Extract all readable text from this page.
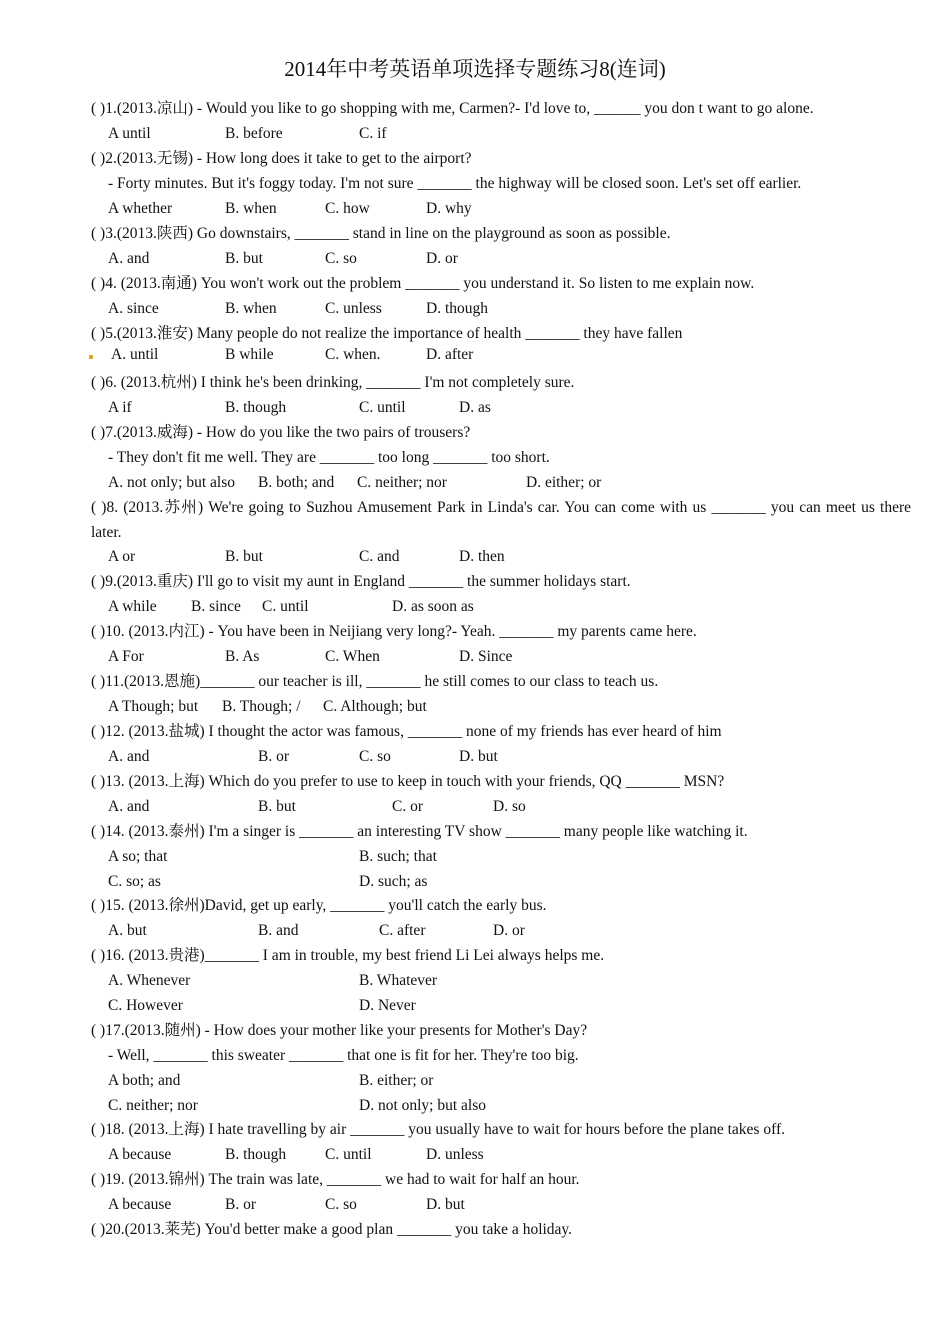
2014年中考英语单项选择专题练习8(连词)
( )1.(2013.凉山) - Would you like to go shopping with me, Carmen?- I'd love to, ______ you don t want to go alone.
A until	B. before	C. if
( )2.(2013.无锡) - How long does it take to get to the airport?
- Forty minutes. But it's foggy today. I'm not sure _______ the highway will be closed soon. Let's set off earlier.
A whether	B. when	C. how	D. why
( )3.(2013.陕西) Go downstairs, _______ stand in line on the playground as soon as possible.
A. and	B. but	C. so	D. or
( )4. (2013.南通) You won't work out the problem _______ you understand it. So listen to me explain now.
A. since	B. when	C. unless	D. though
( )5.(2013.淮安) Many people do not realize the importance of health _______ they have fallen
A. until	B while	C. when.	D. after
( )6. (2013.杭州) I think he's been drinking, _______ I'm not completely sure.
A if	B. though	C. until	D. as
( )7.(2013.威海) - How do you like the two pairs of trousers?
- They don't fit me well. They are _______ too long _______ too short.
A. not only; but also B. both; and C. neither; nor	D. either; or
( )8. (2013.苏州) We're going to Suzhou Amusement Park in Linda's car. You can come with us _______ you can meet us there later.
A or	B. but	C. and	D. then
( )9.(2013.重庆) I'll go to visit my aunt in England _______ the summer holidays start.
A while B. since C. until	D. as soon as
( )10. (2013.内江) - You have been in Neijiang very long?- Yeah. _______ my parents came here.
A For	B. As	C. When	D. Since
( )11.(2013.恩施)_______ our teacher is ill, _______ he still comes to our class to teach us.
A Though; but B. Though; / C. Although; but
( )12. (2013.盐城) I thought the actor was famous, _______ none of my friends has ever heard of him
A. and	B. or	C. so	D. but
( )13. (2013.上海) Which do you prefer to use to keep in touch with your friends, QQ _______ MSN?
A. and	B. but	C. or	D. so
( )14. (2013.泰州) I'm a singer is _______ an interesting TV show _______ many people like watching it.
A so; that	B. such; that
C. so; as	D. such; as
( )15. (2013.徐州)David, get up early, _______ you'll catch the early bus.
A. but	B. and	C. after	D. or
( )16. (2013.贵港)_______ I am in trouble, my best friend Li Lei always helps me.
A. Whenever	B. Whatever
C. However	D. Never
( )17.(2013.随州) - How does your mother like your presents for Mother's Day?
- Well, _______ this sweater _______ that one is fit for her. They're too big.
A both; and	B. either; or
C. neither; nor	D. not only; but also
( )18. (2013.上海) I hate travelling by air _______ you usually have to wait for hours before the plane takes off.
A because	B. though	C. until	D. unless
( )19. (2013.锦州) The train was late, _______ we had to wait for half an hour.
A because	B. or	C. so	D. but
( )20.(2013.莱芜) You'd better make a good plan _______ you take a holiday.
